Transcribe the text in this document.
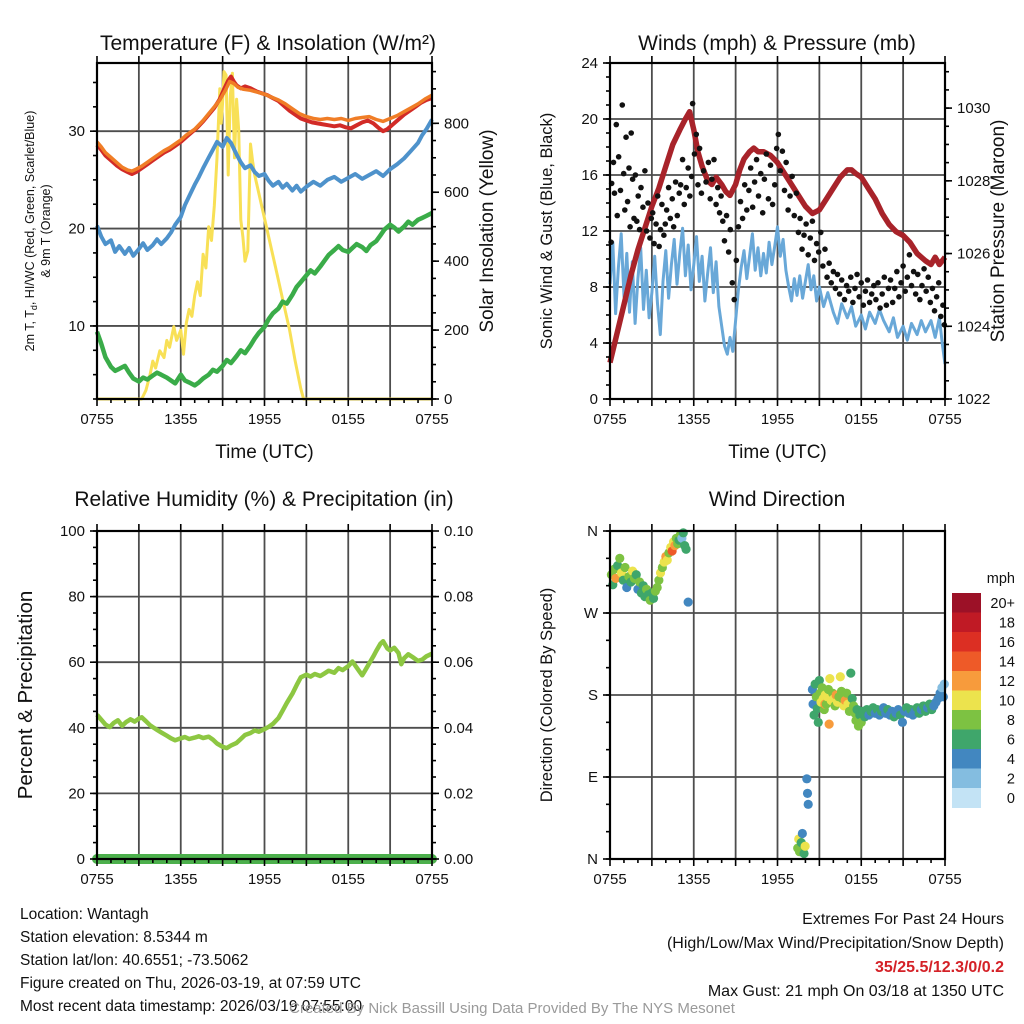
0755	1355	1955	0155	0755
10
20
30
0
200
400
600
800
Temperature (F) & Insolation (W/m²)
Time (UTC)
2m T, $T_d$, HI/WC (Red, Green, Scarlet/Blue) & 9m T (Orange)	Solar Insolation (Yellow)
0755	1355	1955	0155	0755
0
4
8
12
16
20
24
1022
1024
1026
1028
1030
Winds (mph) & Pressure (mb)
Time (UTC)
Sonic Wind & Gust (Blue, Black)	Station Pressure (Maroon)
0755	1355	1955	0155	0755
0
20
40
60
80
100
0.00
0.02
0.04
0.06
0.08
0.10
Relative Humidity (%) & Precipitation (in)
Percent & Precipitation
0755	1355	1955	0155	0755
N
E
S
W
N
Wind Direction
Direction (Colored By Speed)
mph
20+
18
16
14
12
10
8
6
4
2
0
Location: Wantagh
Station elevation: 8.5344 m
Station lat/lon: 40.6551; -73.5062
Figure created on Thu, 2026-03-19, at 07:59 UTC
Most recent data timestamp: 2026/03/19 07:55:00
Extremes For Past 24 Hours
(High/Low/Max Wind/Precipitation/Snow Depth)
35/25.5/12.3/0/0.2
Max Gust: 21 mph On 03/18 at 1350 UTC
Created By Nick Bassill Using Data Provided By The NYS Mesonet
